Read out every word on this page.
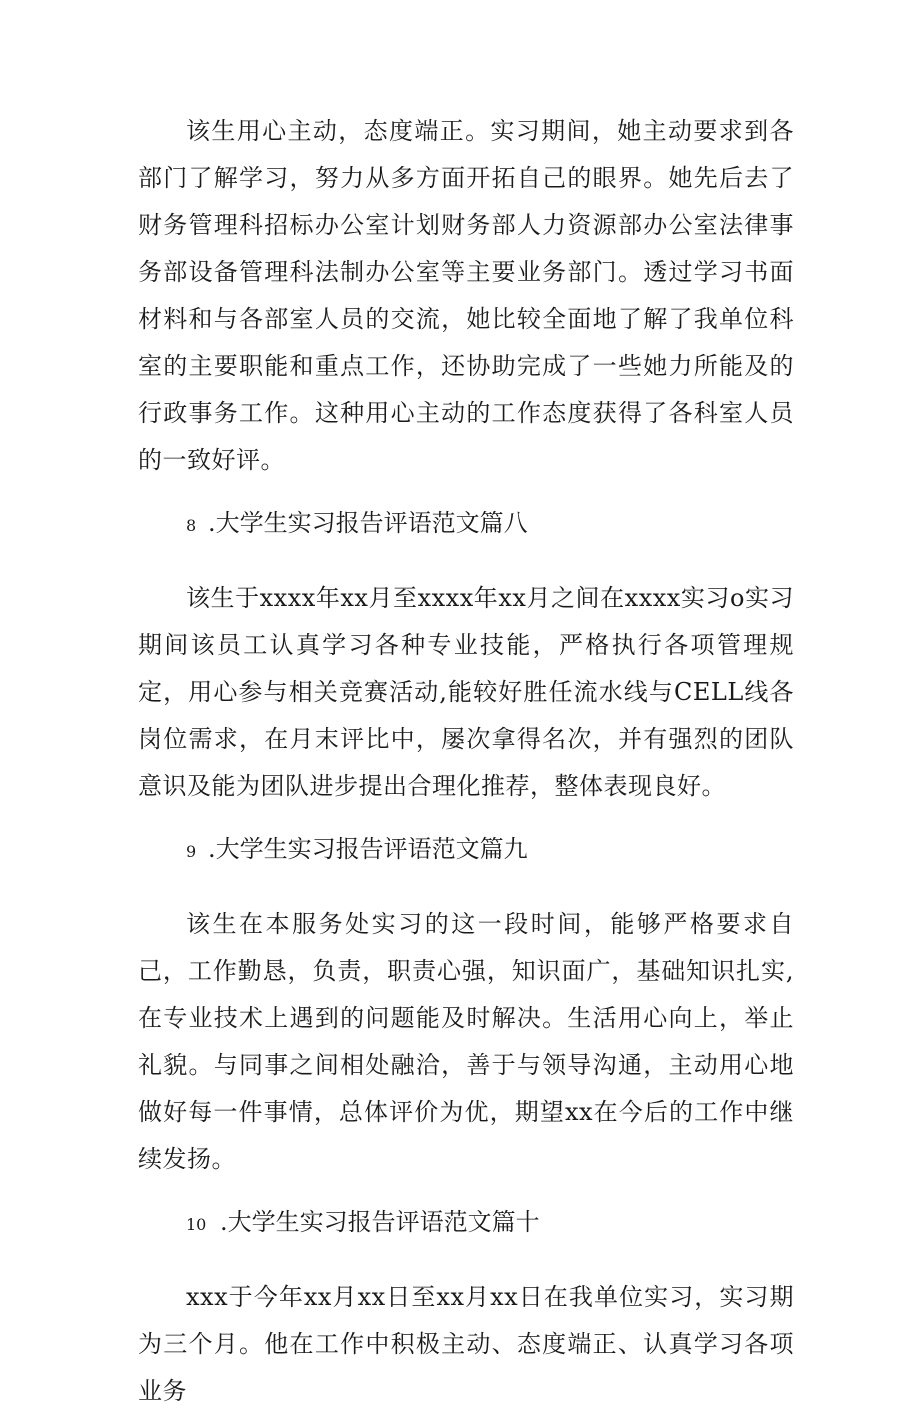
该生用心主动，态度端正。实习期间，她主动要求到各部门了解学习，努力从多方面开拓自己的眼界。她先后去了财务管理科招标办公室计划财务部人力资源部办公室法律事务部设备管理科法制办公室等主要业务部门。透过学习书面材料和与各部室人员的交流，她比较全面地了解了我单位科室的主要职能和重点工作，还协助完成了一些她力所能及的行政事务工作。这种用心主动的工作态度获得了各科室人员的一致好评。

8 .大学生实习报告评语范文篇八

该生于xxxx年xx月至xxxx年xx月之间在xxxx实习o实习期间该员工认真学习各种专业技能，严格执行各项管理规定，用心参与相关竞赛活动,能较好胜任流水线与CELL线各岗位需求，在月末评比中，屡次拿得名次，并有强烈的团队意识及能为团队进步提出合理化推荐，整体表现良好。

9 .大学生实习报告评语范文篇九

该生在本服务处实习的这一段时间，能够严格要求自己，工作勤恳，负责，职责心强，知识面广，基础知识扎实,在专业技术上遇到的问题能及时解决。生活用心向上，举止礼貌。与同事之间相处融洽，善于与领导沟通，主动用心地做好每一件事情，总体评价为优，期望xx在今后的工作中继续发扬。

10 .大学生实习报告评语范文篇十

xxx于今年xx月xx日至xx月xx日在我单位实习，实习期为三个月。他在工作中积极主动、态度端正、认真学习各项业务
